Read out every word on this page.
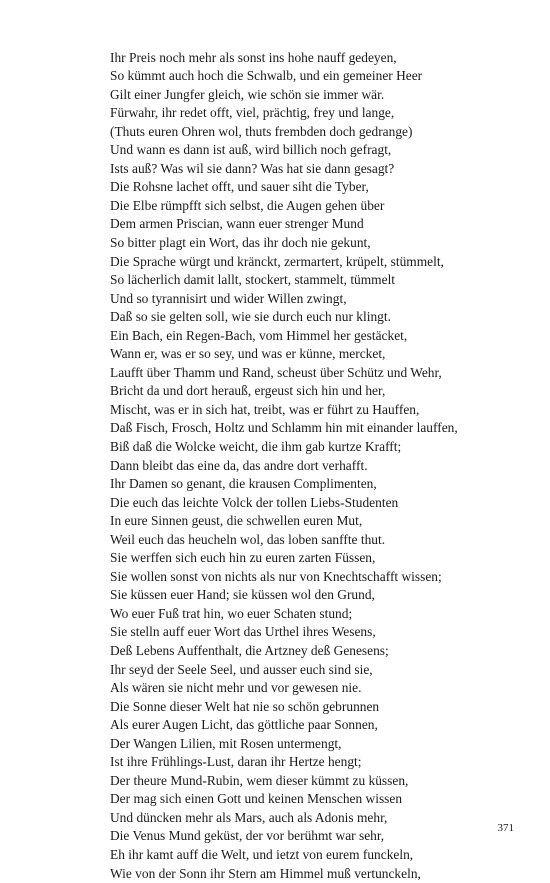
Ihr Preis noch mehr als sonst ins hohe nauff gedeyen,
So kümmt auch hoch die Schwalb, und ein gemeiner Heer
Gilt einer Jungfer gleich, wie schön sie immer wär.
Fürwahr, ihr redet offt, viel, prächtig, frey und lange,
(Thuts euren Ohren wol, thuts frembden doch gedrange)
Und wann es dann ist auß, wird billich noch gefragt,
Ists auß? Was wil sie dann? Was hat sie dann gesagt?
Die Rohsne lachet offt, und sauer siht die Tyber,
Die Elbe rümpfft sich selbst, die Augen gehen über
Dem armen Priscian, wann euer strenger Mund
So bitter plagt ein Wort, das ihr doch nie gekunt,
Die Sprache würgt und kränckt, zermartert, krüpelt, stümmelt,
So lächerlich damit lallt, stockert, stammelt, tümmelt
Und so tyrannisirt und wider Willen zwingt,
Daß so sie gelten soll, wie sie durch euch nur klingt.
Ein Bach, ein Regen-Bach, vom Himmel her gestäcket,
Wann er, was er so sey, und was er künne, mercket,
Laufft über Thamm und Rand, scheust über Schütz und Wehr,
Bricht da und dort herauß, ergeust sich hin und her,
Mischt, was er in sich hat, treibt, was er führt zu Hauffen,
Daß Fisch, Frosch, Holtz und Schlamm hin mit einander lauffen,
Biß daß die Wolcke weicht, die ihm gab kurtze Krafft;
Dann bleibt das eine da, das andre dort verhafft.
Ihr Damen so genant, die krausen Complimenten,
Die euch das leichte Volck der tollen Liebs-Studenten
In eure Sinnen geust, die schwellen euren Mut,
Weil euch das heucheln wol, das loben sanffte thut.
Sie werffen sich euch hin zu euren zarten Füssen,
Sie wollen sonst von nichts als nur von Knechtschafft wissen;
Sie küssen euer Hand; sie küssen wol den Grund,
Wo euer Fuß trat hin, wo euer Schaten stund;
Sie stelln auff euer Wort das Urthel ihres Wesens,
Deß Lebens Auffenthalt, die Artzney deß Genesens;
Ihr seyd der Seele Seel, und ausser euch sind sie,
Als wären sie nicht mehr und vor gewesen nie.
Die Sonne dieser Welt hat nie so schön gebrunnen
Als eurer Augen Licht, das göttliche paar Sonnen,
Der Wangen Lilien, mit Rosen untermengt,
Ist ihre Frühlings-Lust, daran ihr Hertze hengt;
Der theure Mund-Rubin, wem dieser kümmt zu küssen,
Der mag sich einen Gott und keinen Menschen wissen
Und düncken mehr als Mars, auch als Adonis mehr,
Die Venus Mund geküst, der vor berühmt war sehr,
Eh ihr kamt auff die Welt, und ietzt von eurem funckeln,
Wie von der Sonn ihr Stern am Himmel muß vertunckeln,
371
